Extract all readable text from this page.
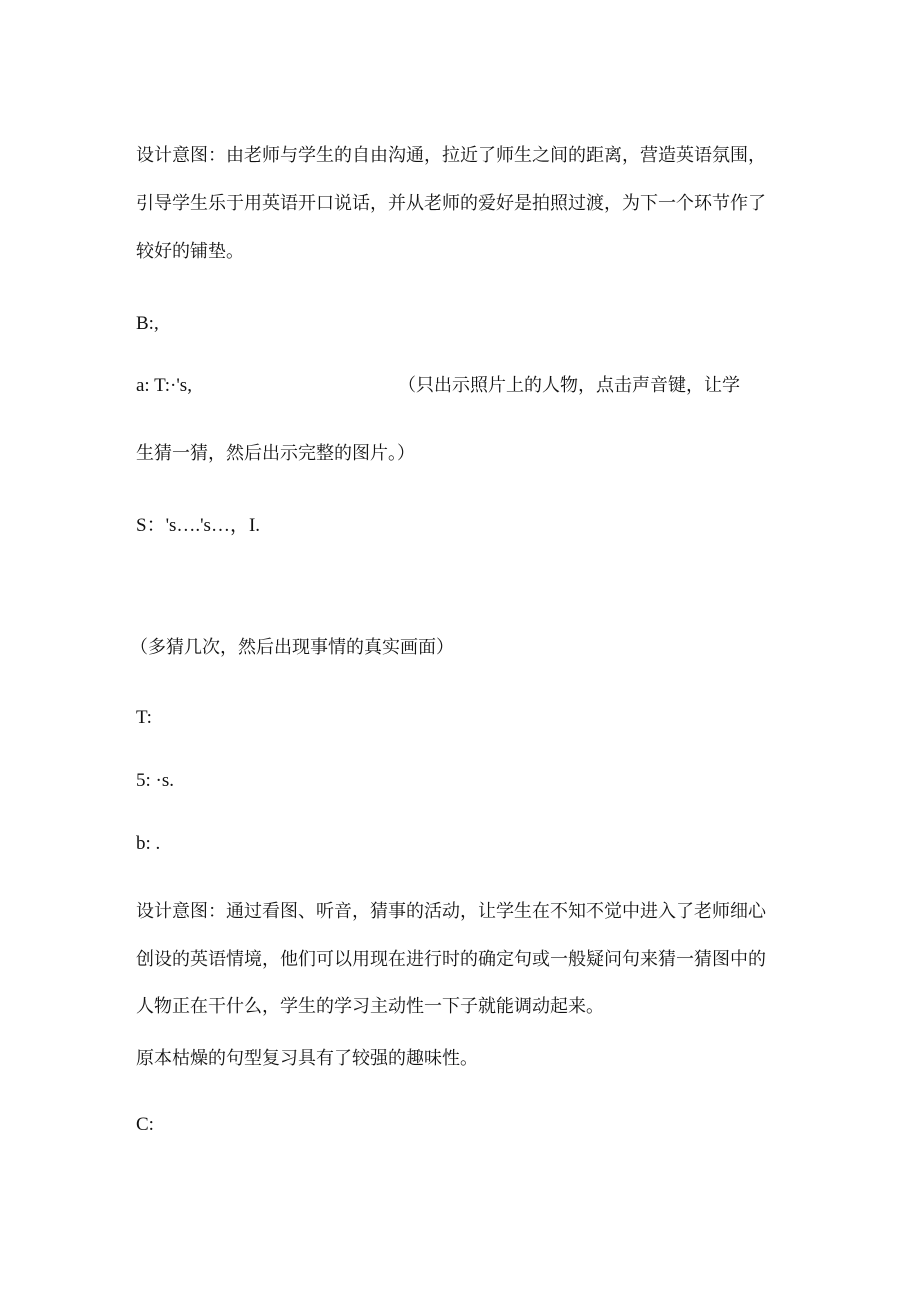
设计意图：由老师与学生的自由沟通，拉近了师生之间的距离，营造英语氛围，
引导学生乐于用英语开口说话，并从老师的爱好是拍照过渡，为下一个环节作了
较好的铺垫。
B:,
a: T:·'s,	（只出示照片上的人物，点击声音键，让学
生猜一猜，然后出示完整的图片。）
S：'s….'s…，I.
（多猜几次，然后出现事情的真实画面）
T:
5: ·s.
b: .
设计意图：通过看图、听音，猜事的活动，让学生在不知不觉中进入了老师细心
创设的英语情境，他们可以用现在进行时的确定句或一般疑问句来猜一猜图中的
人物正在干什么，学生的学习主动性一下子就能调动起来。
原本枯燥的句型复习具有了较强的趣味性。
C:
